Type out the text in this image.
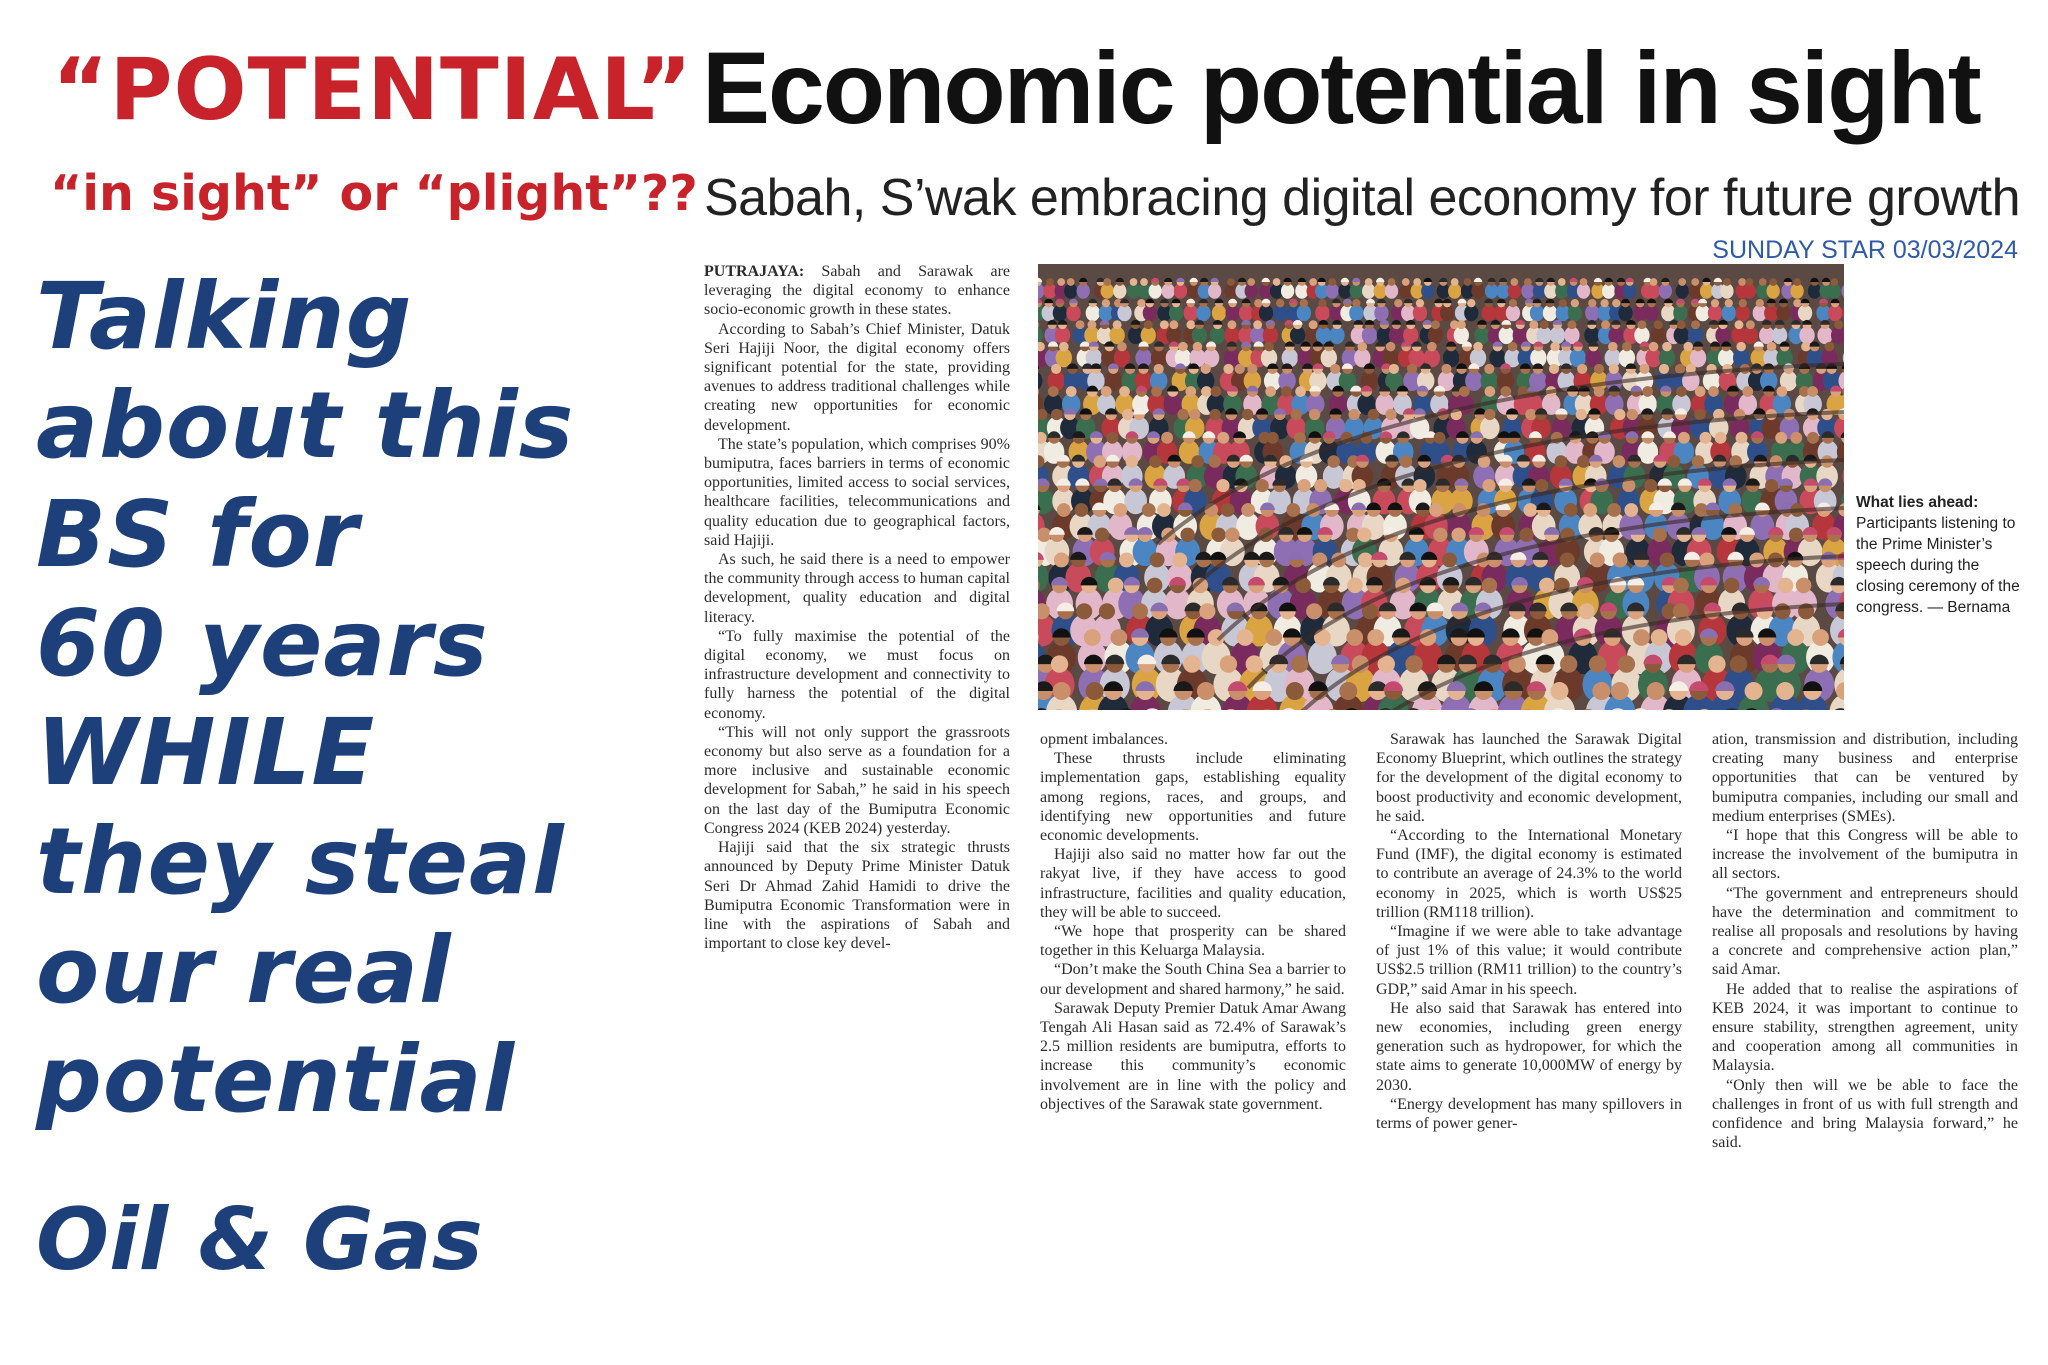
“POTENTIAL”
“in sight” or “plight”??
Talking
about this
BS for
60 years
WHILE
they steal
our real
potential
Oil & Gas
Economic potential in sight
Sabah, S’wak embracing digital economy for future growth
SUNDAY STAR 03/03/2024

PUTRAJAYA: Sabah and Sarawak are leveraging the digital economy to enhance socio-economic growth in these states.

According to Sabah’s Chief Minister, Datuk Seri Hajiji Noor, the digital economy offers significant potential for the state, providing avenues to address traditional challenges while creating new opportunities for economic development.

The state’s population, which comprises 90% bumiputra, faces barriers in terms of economic opportunities, limited access to social services, healthcare facilities, telecommunications and quality education due to geographical factors, said Hajiji.

As such, he said there is a need to empower the community through access to human capital development, quality education and digital literacy.

“To fully maximise the potential of the digital economy, we must focus on infrastructure development and connectivity to fully harness the potential of the digital economy.

“This will not only support the grassroots economy but also serve as a foundation for a more inclusive and sustainable economic development for Sabah,” he said in his speech on the last day of the Bumiputra Economic Congress 2024 (KEB 2024) yesterday.

Hajiji said that the six strategic thrusts announced by Deputy Prime Minister Datuk Seri Dr Ahmad Zahid Hamidi to drive the Bumiputra Economic Transformation were in line with the aspirations of Sabah and important to close key devel-

What lies ahead: Participants listening to the Prime Minister’s speech during the closing ceremony of the congress. — Bernama

opment imbalances.

These thrusts include eliminating implementation gaps, establishing equality among regions, races, and groups, and identifying new opportunities and future economic developments.

Hajiji also said no matter how far out the rakyat live, if they have access to good infrastructure, facilities and quality education, they will be able to succeed.

“We hope that prosperity can be shared together in this Keluarga Malaysia.

“Don’t make the South China Sea a barrier to our development and shared harmony,” he said.

Sarawak Deputy Premier Datuk Amar Awang Tengah Ali Hasan said as 72.4% of Sarawak’s 2.5 million residents are bumiputra, efforts to increase this community’s economic involvement are in line with the policy and objectives of the Sarawak state government.

Sarawak has launched the Sarawak Digital Economy Blueprint, which outlines the strategy for the development of the digital economy to boost productivity and economic development, he said.

“According to the International Monetary Fund (IMF), the digital economy is estimated to contribute an average of 24.3% to the world economy in 2025, which is worth US$25 trillion (RM118 trillion).

“Imagine if we were able to take advantage of just 1% of this value; it would contribute US$2.5 trillion (RM11 trillion) to the country’s GDP,” said Amar in his speech.

He also said that Sarawak has entered into new economies, including green energy generation such as hydropower, for which the state aims to generate 10,000MW of energy by 2030.

“Energy development has many spillovers in terms of power gener-

ation, transmission and distribution, including creating many business and enterprise opportunities that can be ventured by bumiputra companies, including our small and medium enterprises (SMEs).

“I hope that this Congress will be able to increase the involvement of the bumiputra in all sectors.

“The government and entrepreneurs should have the determination and commitment to realise all proposals and resolutions by having a concrete and comprehensive action plan,” said Amar.

He added that to realise the aspirations of KEB 2024, it was important to continue to ensure stability, strengthen agreement, unity and cooperation among all communities in Malaysia.

“Only then will we be able to face the challenges in front of us with full strength and confidence and bring Malaysia forward,” he said.
